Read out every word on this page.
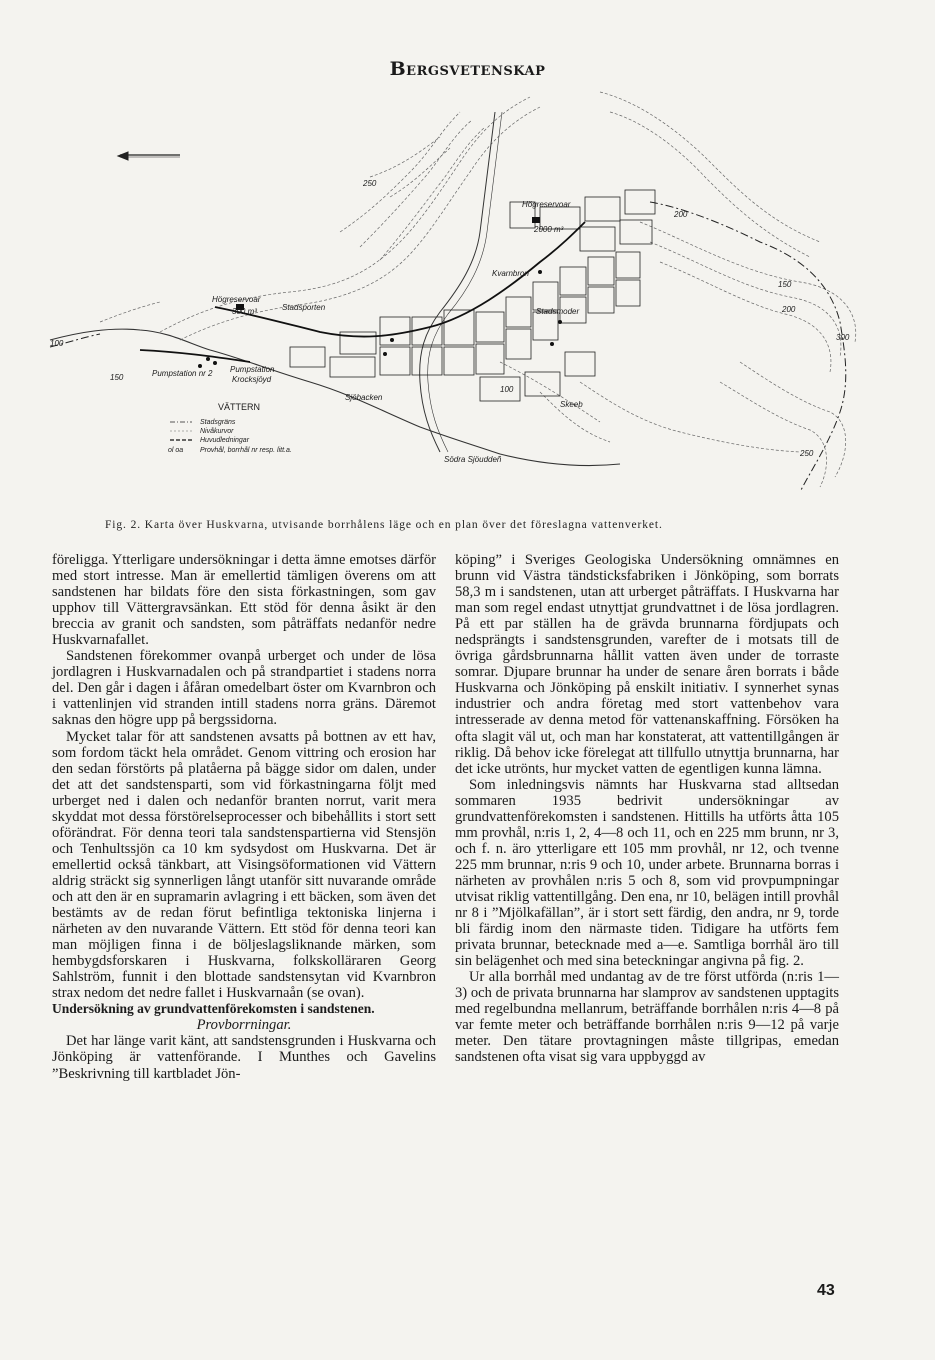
Bergsvetenskap
Högreservoar
300 m³	Stadsporten
Högreservoar
2000 m³
Pumpstation
Pumpstation nr 2
Krocksjöyd
Kvarnbron
Sjöbacken
Stadsmoder
Södra Sjöuddeñ
Skeeb
VÄTTERN
250
200
150
100
300
200
150
100
250
ol oa
Stadsgräns
Nivåkurvor
Huvudledningar
Provhål, borrhål nr resp. litt.a.
Fig. 2. Karta över Huskvarna, utvisande borrhålens läge och en plan över det föreslagna vattenverket.

föreligga. Ytterligare undersökningar i detta ämne emotses därför med stort intresse. Man är emellertid tämligen överens om att sandstenen har bildats före den sista förkastningen, som gav upphov till Vättergravsänkan. Ett stöd för denna åsikt är den breccia av granit och sandsten, som påträffats nedanför nedre Huskvarnafallet.

Sandstenen förekommer ovanpå urberget och under de lösa jordlagren i Huskvarnadalen och på strandpartiet i stadens norra del. Den går i dagen i åfåran omedelbart öster om Kvarnbron och i vattenlinjen vid stranden intill stadens norra gräns. Däremot saknas den högre upp på bergssidorna.

Mycket talar för att sandstenen avsatts på bottnen av ett hav, som fordom täckt hela området. Genom vittring och erosion har den sedan förstörts på platåerna på bägge sidor om dalen, under det att det sandstensparti, som vid förkastningarna följt med urberget ned i dalen och nedanför branten norrut, varit mera skyddat mot dessa förstörelseprocesser och bibehållits i stort sett oförändrat. För denna teori tala sandstenspartierna vid Stensjön och Tenhultssjön ca 10 km sydsydost om Huskvarna. Det är emellertid också tänkbart, att Visingsöformationen vid Vättern aldrig sträckt sig synnerligen långt utanför sitt nuvarande område och att den är en supramarin avlagring i ett bäcken, som även det bestämts av de redan förut befintliga tektoniska linjerna i närheten av den nuvarande Vättern. Ett stöd för denna teori kan man möjligen finna i de böljeslagsliknande märken, som hembygdsforskaren i Huskvarna, folkskolläraren Georg Sahlström, funnit i den blottade sandstensytan vid Kvarnbron strax nedom det nedre fallet i Huskvarnaån (se ovan).

Undersökning av grundvattenförekomsten i sandstenen.

Provborrningar.

Det har länge varit känt, att sandstensgrunden i Huskvarna och Jönköping är vattenförande. I Munthes och Gavelins ”Beskrivning till kartbladet Jön-

köping” i Sveriges Geologiska Undersökning omnämnes en brunn vid Västra tändsticksfabriken i Jönköping, som borrats 58,3 m i sandstenen, utan att urberget påträffats. I Huskvarna har man som regel endast utnyttjat grundvattnet i de lösa jordlagren. På ett par ställen ha de grävda brunnarna fördjupats och nedsprängts i sandstensgrunden, varefter de i motsats till de övriga gårdsbrunnarna hållit vatten även under de torraste somrar. Djupare brunnar ha under de senare åren borrats i både Huskvarna och Jönköping på enskilt initiativ. I synnerhet synas industrier och andra företag med stort vattenbehov vara intresserade av denna metod för vattenanskaffning. Försöken ha ofta slagit väl ut, och man har konstaterat, att vattentillgången är riklig. Då behov icke förelegat att tillfullo utnyttja brunnarna, har det icke utrönts, hur mycket vatten de egentligen kunna lämna.

Som inledningsvis nämnts har Huskvarna stad alltsedan sommaren 1935 bedrivit undersökningar av grundvattenförekomsten i sandstenen. Hittills ha utförts åtta 105 mm provhål, n:ris 1, 2, 4—8 och 11, och en 225 mm brunn, nr 3, och f. n. äro ytterligare ett 105 mm provhål, nr 12, och tvenne 225 mm brunnar, n:ris 9 och 10, under arbete. Brunnarna borras i närheten av provhålen n:ris 5 och 8, som vid provpumpningar utvisat riklig vattentillgång. Den ena, nr 10, belägen intill provhål nr 8 i ”Mjölkafällan”, är i stort sett färdig, den andra, nr 9, torde bli färdig inom den närmaste tiden. Tidigare ha utförts fem privata brunnar, betecknade med a—e. Samtliga borrhål äro till sin belägenhet och med sina beteckningar angivna på fig. 2.

Ur alla borrhål med undantag av de tre först utförda (n:ris 1—3) och de privata brunnarna har slamprov av sandstenen upptagits med regelbundna mellanrum, beträffande borrhålen n:ris 4—8 på var femte meter och beträffande borrhålen n:ris 9—12 på varje meter. Den tätare provtagningen måste tillgripas, emedan sandstenen ofta visat sig vara uppbyggd av

43
